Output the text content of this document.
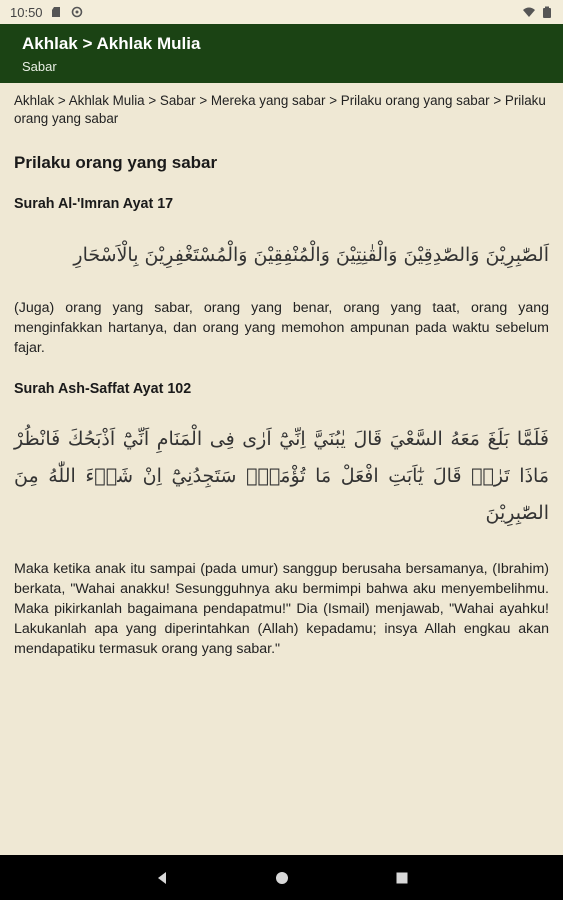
10:50
Akhlak > Akhlak Mulia
Sabar
Akhlak > Akhlak Mulia > Sabar > Mereka yang sabar > Prilaku orang yang sabar > Prilaku orang yang sabar
Prilaku orang yang sabar
Surah Al-'Imran Ayat 17
اَلصّٰبِرِيْنَ وَالصّٰدِقِيْنَ وَالْقٰنِتِيْنَ وَالْمُنْفِقِيْنَ وَالْمُسْتَغْفِرِيْنَ بِالْاَسْحَارِ
(Juga) orang yang sabar, orang yang benar, orang yang taat, orang yang menginfakkan hartanya, dan orang yang memohon ampunan pada waktu sebelum fajar.
Surah Ash-Saffat Ayat 102
فَلَمَّا بَلَغَ مَعَهُ السَّعْيَ قَالَ يٰبُنَيَّ اِنِّيْٓ اَرٰى فِى الْمَنَامِ اَنِّيْٓ اَذْبَحُكَ فَانْظُرْ مَاذَا تَرٰىۗ قَالَ يٰٓاَبَتِ افْعَلْ مَا تُؤْمَرُۖ سَتَجِدُنِيْٓ اِنْ شَاۤءَ اللّٰهُ مِنَ الصّٰبِرِيْنَ
Maka ketika anak itu sampai (pada umur) sanggup berusaha bersamanya, (Ibrahim) berkata, "Wahai anakku! Sesungguhnya aku bermimpi bahwa aku menyembelihmu. Maka pikirkanlah bagaimana pendapatmu!" Dia (Ismail) menjawab, "Wahai ayahku! Lakukanlah apa yang diperintahkan (Allah) kepadamu; insya Allah engkau akan mendapatiku termasuk orang yang sabar."
